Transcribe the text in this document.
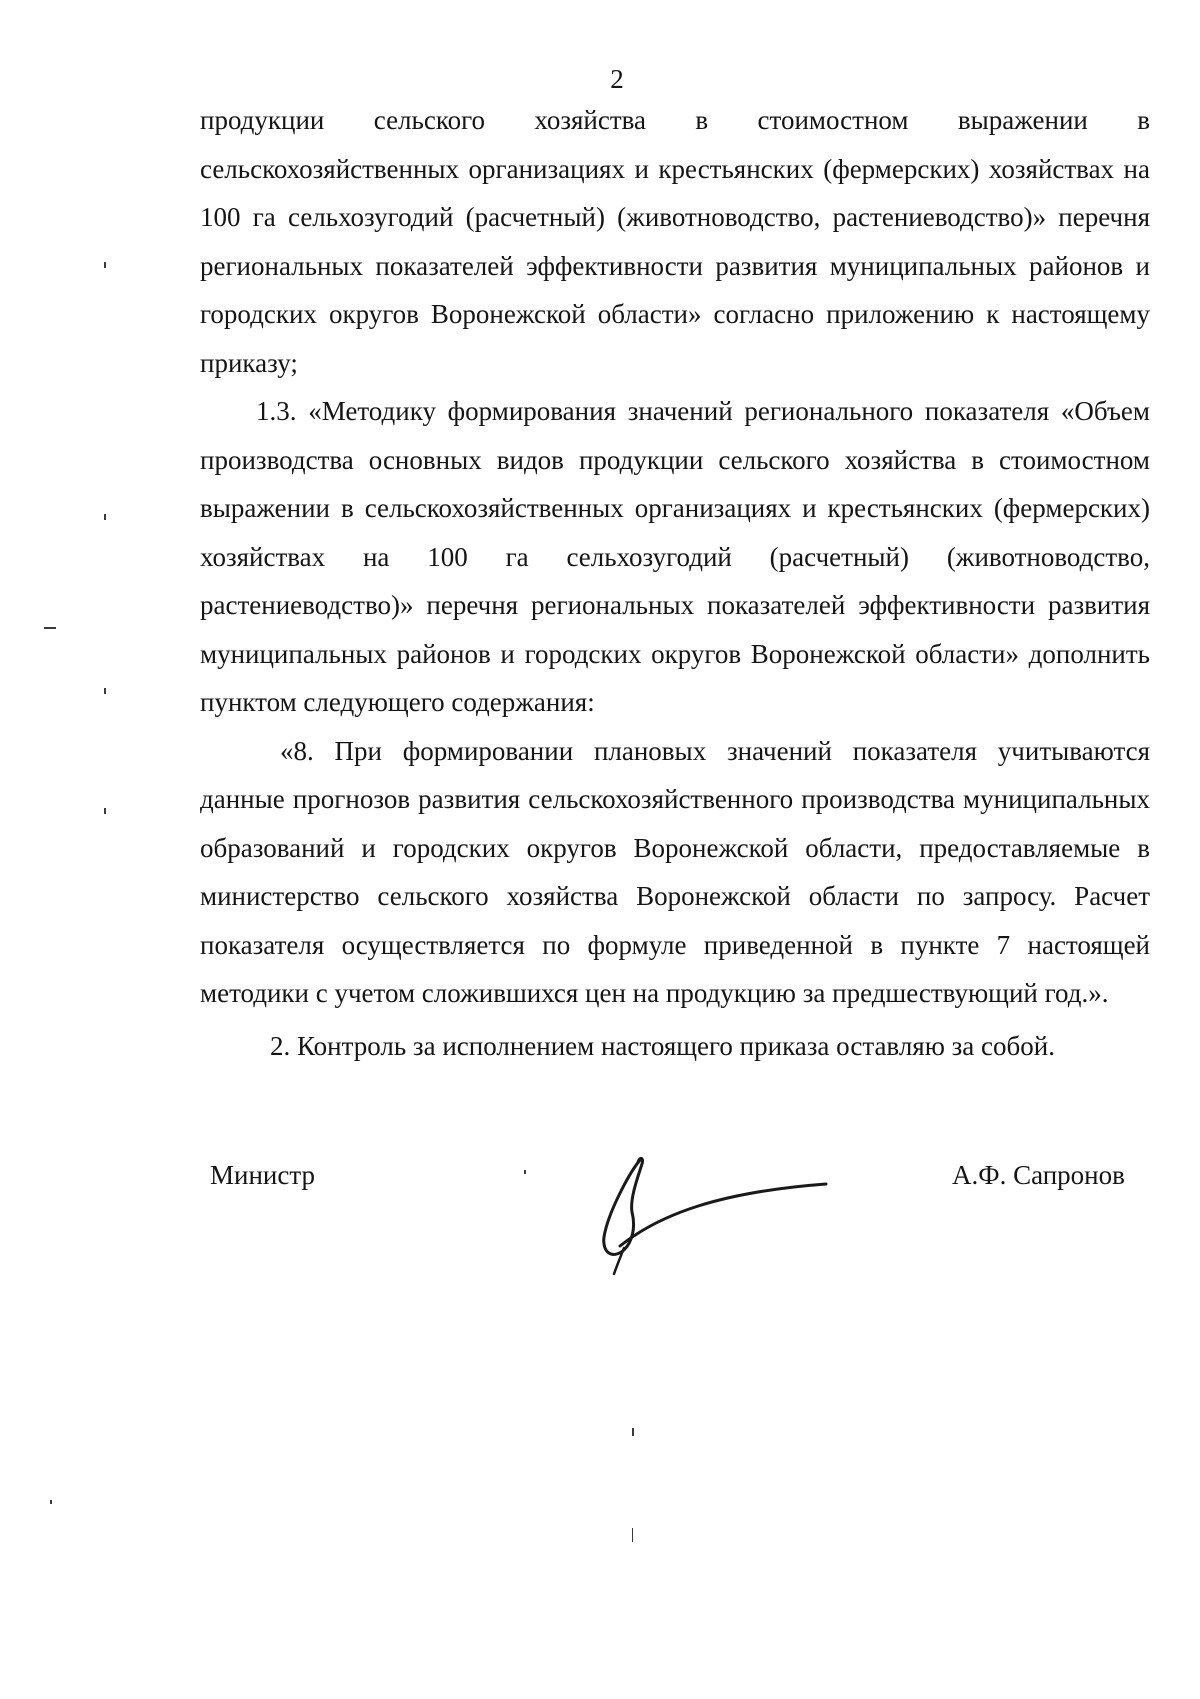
2

продукции сельского хозяйства в стоимостном выражении в сельскохозяйственных организациях и крестьянских (фермерских) хозяйствах на 100 га сельхозугодий (расчетный) (животноводство, растениеводство)» перечня региональных показателей эффективности развития муниципальных районов и городских округов Воронежской области» согласно приложению к настоящему приказу;

1.3. «Методику формирования значений регионального показателя «Объем производства основных видов продукции сельского хозяйства в стоимостном выражении в сельскохозяйственных организациях и крестьянских (фермерских) хозяйствах на 100 га сельхозугодий (расчетный) (животноводство, растениеводство)» перечня региональных показателей эффективности развития муниципальных районов и городских округов Воронежской области» дополнить пунктом следующего содержания:

«8. При формировании плановых значений показателя учитываются данные прогнозов развития сельскохозяйственного производства муниципальных образований и городских округов Воронежской области, предоставляемые в министерство сельского хозяйства Воронежской области по запросу. Расчет показателя осуществляется по формуле приведенной в пункте 7 настоящей методики с учетом сложившихся цен на продукцию за предшествующий год.».

2. Контроль за исполнением настоящего приказа оставляю за собой.

Министр	А.Ф. Сапронов
